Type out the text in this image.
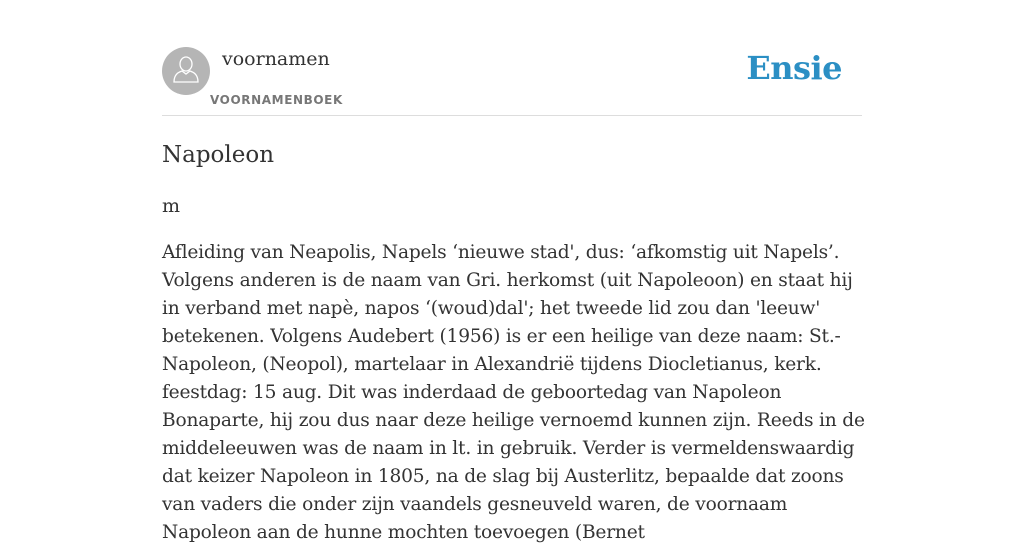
voornamen
VOORNAMENBOEK
Ensie
Napoleon

m

Afleiding van Neapolis, Napels ‘nieuwe stad', dus: ‘afkomstig uit Napels’. Volgens anderen is de naam van Gri. herkomst (uit Napoleoon) en staat hij in verband met napè, napos ‘(woud)dal'; het tweede lid zou dan 'leeuw' betekenen. Volgens Audebert (1956) is er een heilige van deze naam: St.-Napoleon, (Neopol), martelaar in Alexandrië tijdens Diocletianus, kerk. feestdag: 15 aug. Dit was inderdaad de geboortedag van Napoleon Bonaparte, hij zou dus naar deze heilige vernoemd kunnen zijn. Reeds in de middeleeuwen was de naam in lt. in gebruik. Verder is vermeldenswaardig dat keizer Napoleon in 1805, na de slag bij Austerlitz, bepaalde dat zoons van vaders die onder zijn vaandels gesneuveld waren, de voornaam Napoleon aan de hunne mochten toevoegen (Bernet
